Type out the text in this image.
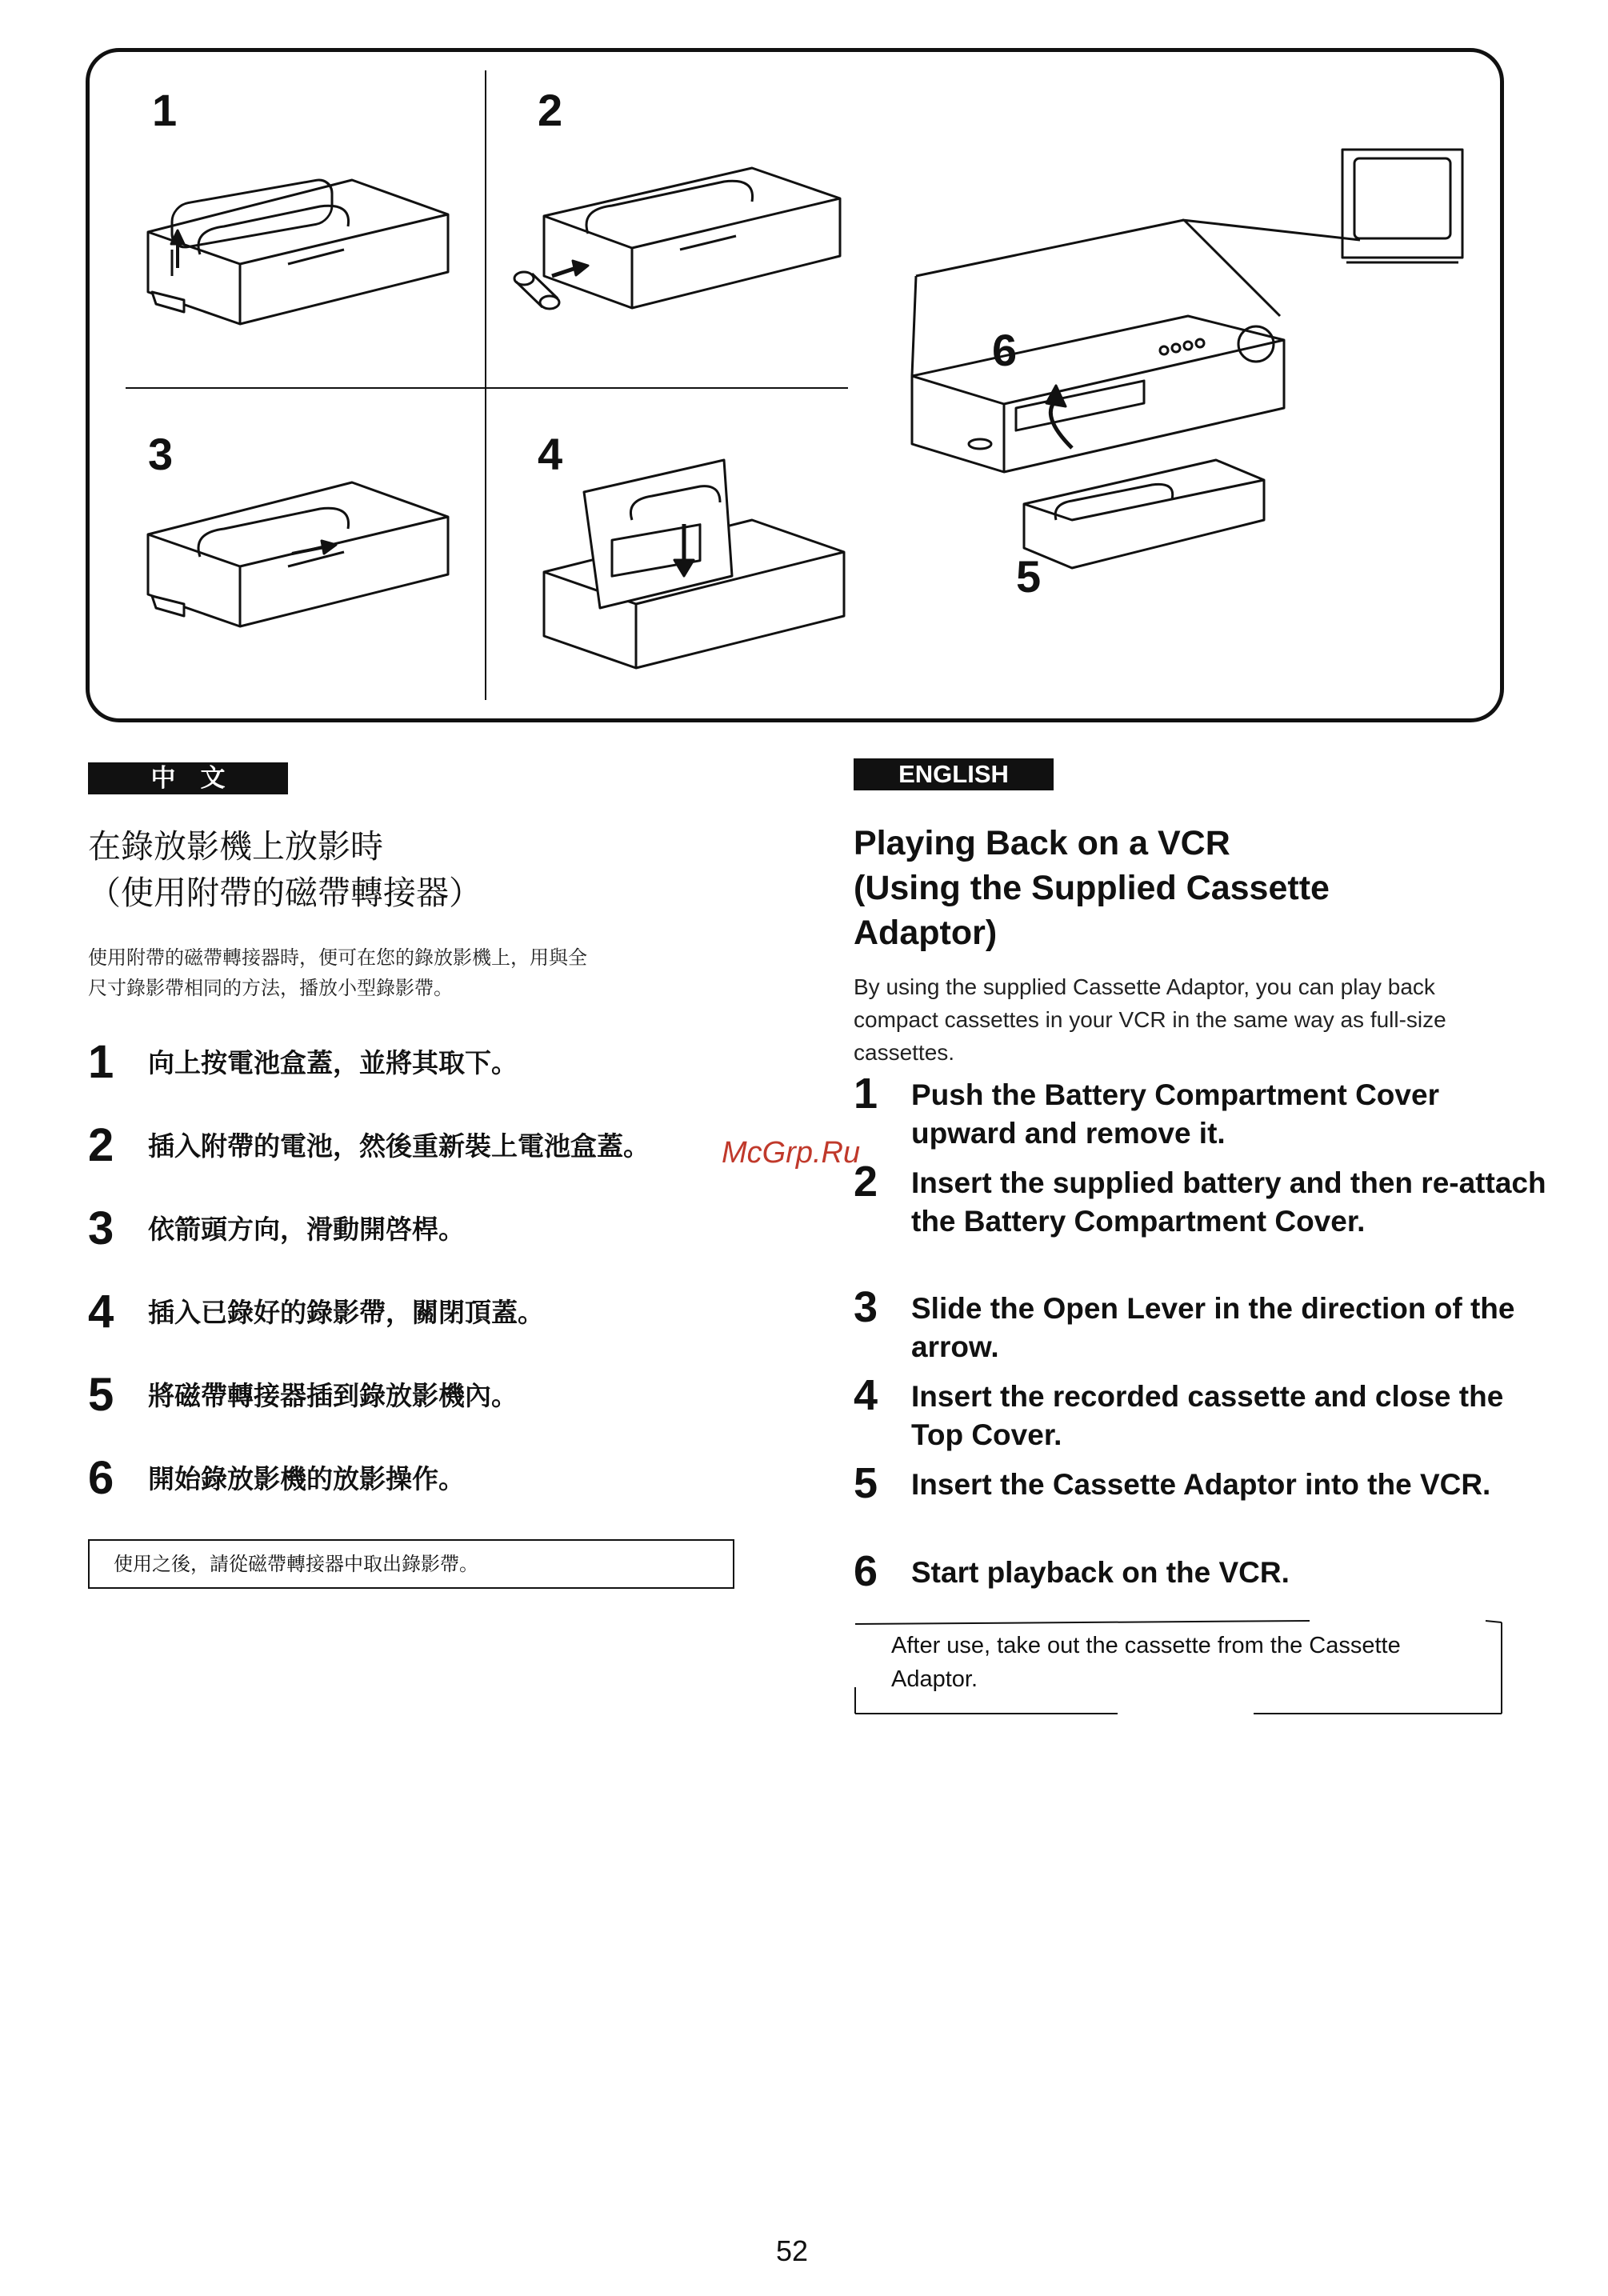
1	2
3	4
5
6
中　文
在錄放影機上放影時
（使用附帶的磁帶轉接器）
使用附帶的磁帶轉接器時，便可在您的錄放影機上，用與全
尺寸錄影帶相同的方法，播放小型錄影帶。
1 向上按電池盒蓋，並將其取下。
2 插入附帶的電池，然後重新裝上電池盒蓋。
3 依箭頭方向，滑動開啓桿。
4 插入已錄好的錄影帶，關閉頂蓋。
5 將磁帶轉接器插到錄放影機內。
6 開始錄放影機的放影操作。
使用之後，請從磁帶轉接器中取出錄影帶。
ENGLISH
Playing Back on a VCR
(Using the Supplied Cassette
Adaptor)
By using the supplied Cassette Adaptor, you can play back compact cassettes in your VCR in the same way as full-size cassettes.
1 Push the Battery Compartment Cover upward and remove it.
2 Insert the supplied battery and then re-attach the Battery Compartment Cover.
3 Slide the Open Lever in the direction of the arrow.
4 Insert the recorded cassette and close the Top Cover.
5 Insert the Cassette Adaptor into the VCR.
6 Start playback on the VCR.
After use, take out the cassette from the Cassette Adaptor.
McGrp.Ru
52
